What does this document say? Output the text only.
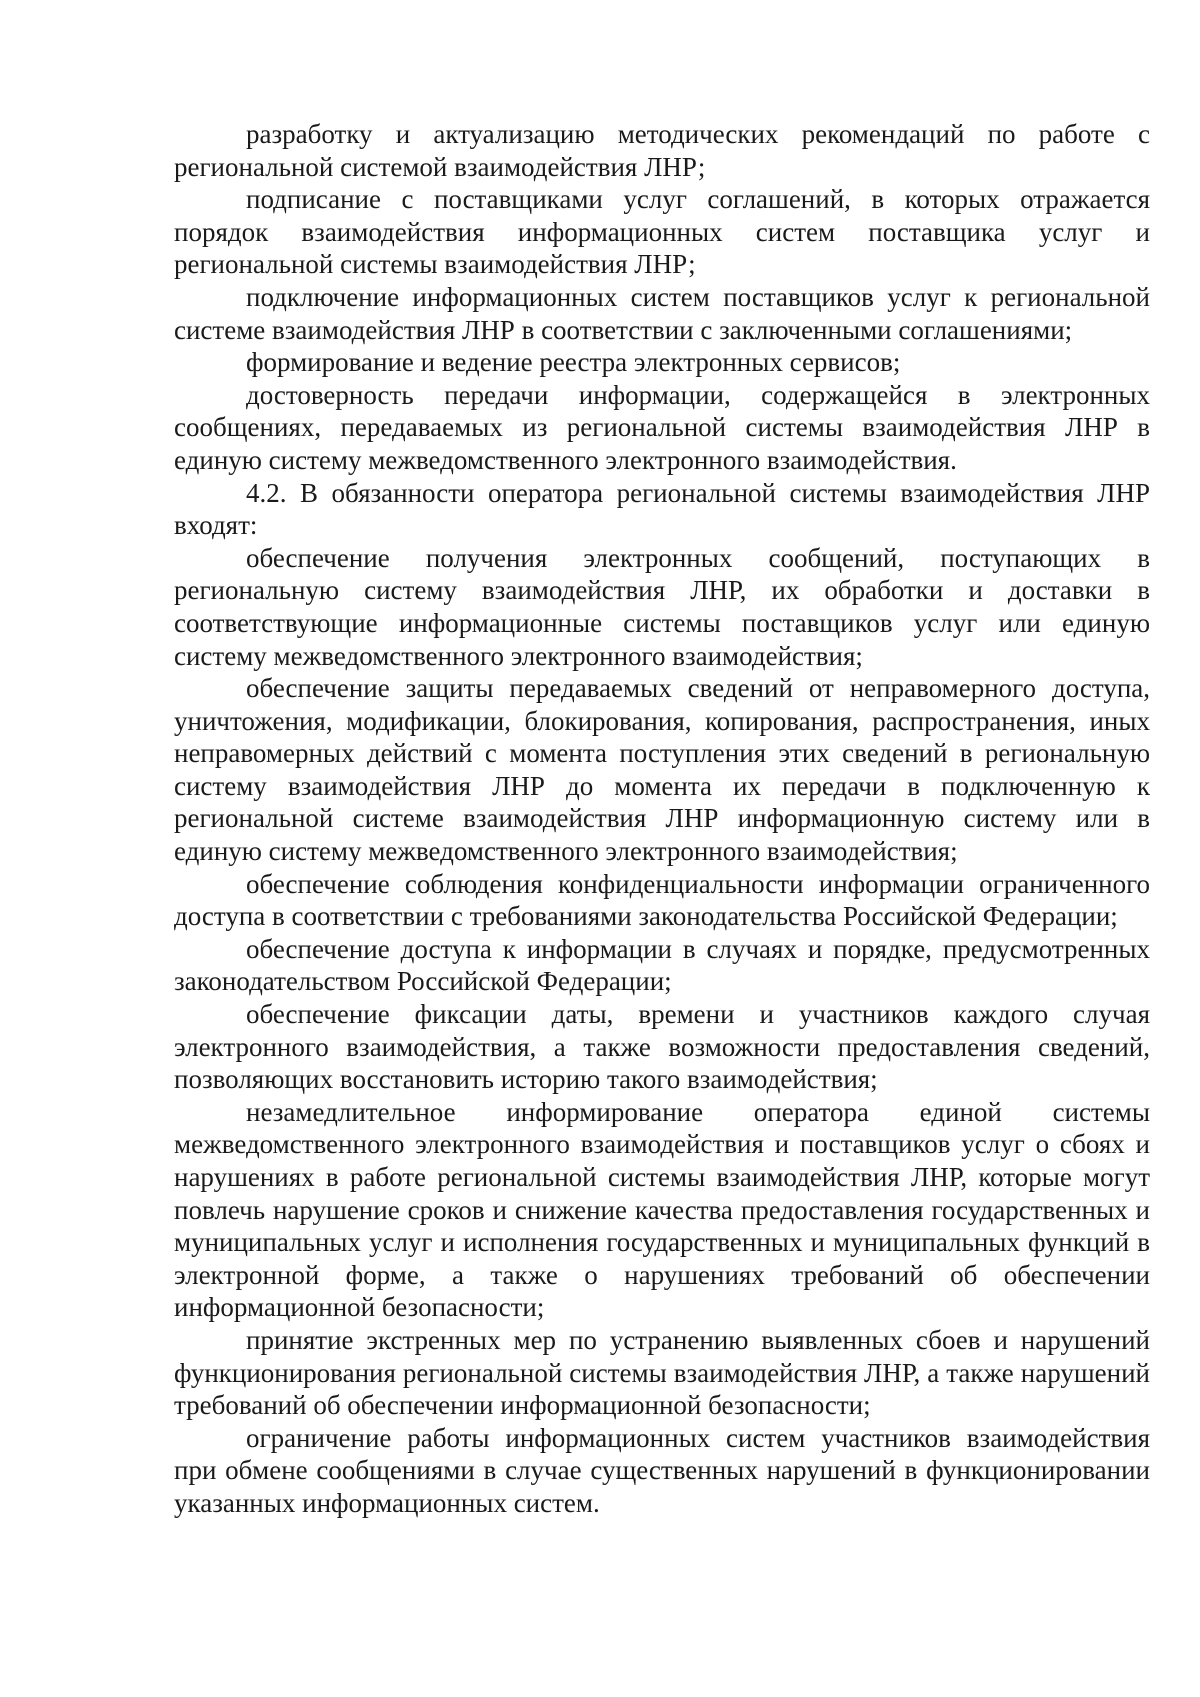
разработку и актуализацию методических рекомендаций по работе с региональной системой взаимодействия ЛНР;

подписание с поставщиками услуг соглашений, в которых отражается порядок взаимодействия информационных систем поставщика услуг и региональной системы взаимодействия ЛНР;

подключение информационных систем поставщиков услуг к региональной системе взаимодействия ЛНР в соответствии с заключенными соглашениями;

формирование и ведение реестра электронных сервисов;

достоверность передачи информации, содержащейся в электронных сообщениях, передаваемых из региональной системы взаимодействия ЛНР в единую систему межведомственного электронного взаимодействия.

4.2. В обязанности оператора региональной системы взаимодействия ЛНР входят:

обеспечение получения электронных сообщений, поступающих в региональную систему взаимодействия ЛНР, их обработки и доставки в соответствующие информационные системы поставщиков услуг или единую систему межведомственного электронного взаимодействия;

обеспечение защиты передаваемых сведений от неправомерного доступа, уничтожения, модификации, блокирования, копирования, распространения, иных неправомерных действий с момента поступления этих сведений в региональную систему взаимодействия ЛНР до момента их передачи в подключенную к региональной системе взаимодействия ЛНР информационную систему или в единую систему межведомственного электронного взаимодействия;

обеспечение соблюдения конфиденциальности информации ограниченного доступа в соответствии с требованиями законодательства Российской Федерации;

обеспечение доступа к информации в случаях и порядке, предусмотренных законодательством Российской Федерации;

обеспечение фиксации даты, времени и участников каждого случая электронного взаимодействия, а также возможности предоставления сведений, позволяющих восстановить историю такого взаимодействия;

незамедлительное информирование оператора единой системы межведомственного электронного взаимодействия и поставщиков услуг о сбоях и нарушениях в работе региональной системы взаимодействия ЛНР, которые могут повлечь нарушение сроков и снижение качества предоставления государственных и муниципальных услуг и исполнения государственных и муниципальных функций в электронной форме, а также о нарушениях требований об обеспечении информационной безопасности;

принятие экстренных мер по устранению выявленных сбоев и нарушений функционирования региональной системы взаимодействия ЛНР, а также нарушений требований об обеспечении информационной безопасности;

ограничение работы информационных систем участников взаимодействия при обмене сообщениями в случае существенных нарушений в функционировании указанных информационных систем.
